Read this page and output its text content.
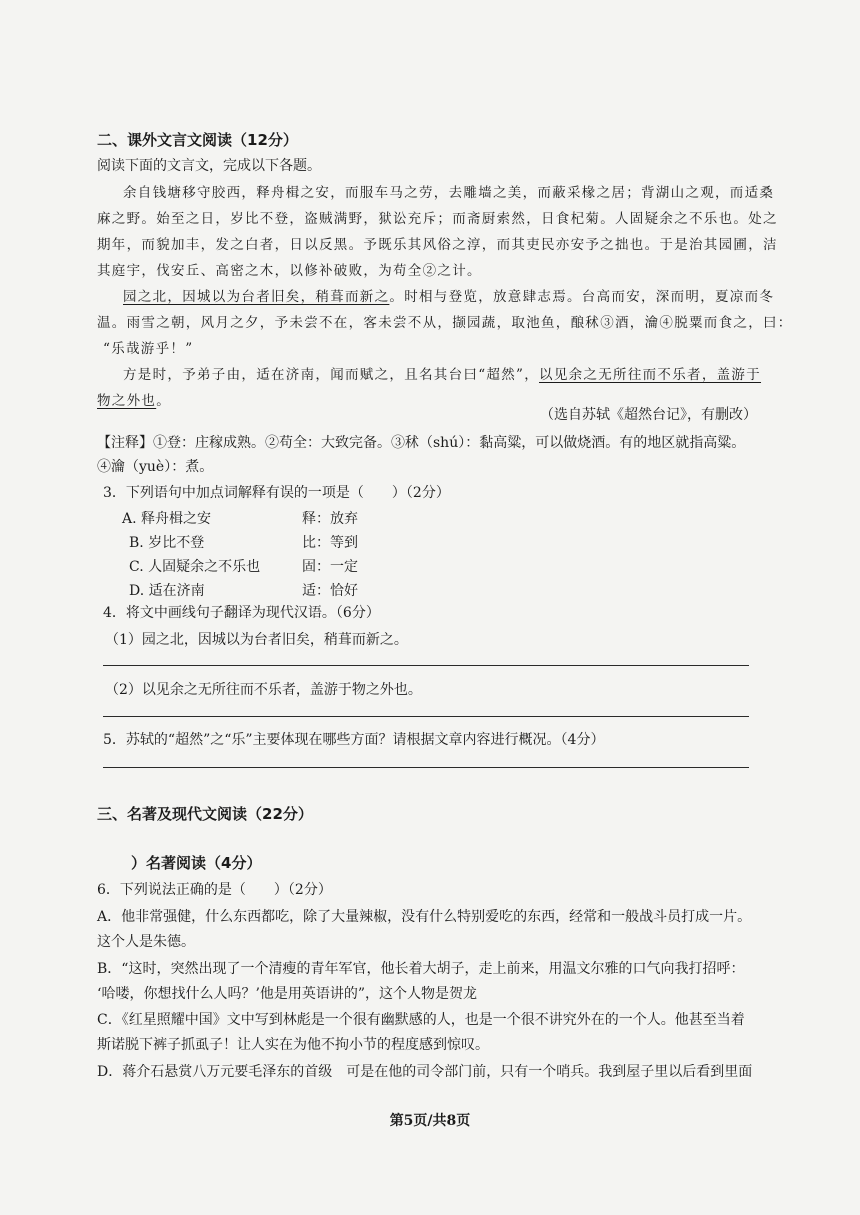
二、课外文言文阅读（12分）
阅读下面的文言文，完成以下各题。
余自钱塘移守胶西，释舟楫之安，而服车马之劳，去雕墙之美，而蔽采椽之居；背湖山之观，而适桑
麻之野。始至之日，岁比不登，盗贼满野，狱讼充斥；而斋厨索然，日食杞菊。人固疑余之不乐也。处之
期年，而貌加丰，发之白者，日以反黑。予既乐其风俗之淳，而其吏民亦安予之拙也。于是治其园圃，洁
其庭宇，伐安丘、高密之木，以修补破败，为苟全②之计。
园之北，因城以为台者旧矣，稍葺而新之。时相与登览，放意肆志焉。台高而安，深而明，夏凉而冬
温。雨雪之朝，风月之夕，予未尝不在，客未尝不从，撷园蔬，取池鱼，酿秫③酒，瀹④脱粟而食之，曰：
“乐哉游乎！”
方是时，予弟子由，适在济南，闻而赋之，且名其台曰“超然”，以见余之无所往而不乐者，盖游于
物之外也。
（选自苏轼《超然台记》，有删改）
【注释】①登：庄稼成熟。②苟全：大致完备。③秫（shú）：黏高粱，可以做烧酒。有的地区就指高粱。
④瀹（yuè）：煮。
3．下列语句中加点词解释有误的一项是（　　）（2分）
A. 释舟楫之安	释：放弃
B. 岁比不登	比：等到
C. 人固疑余之不乐也	固：一定
D. 适在济南	适：恰好
4．将文中画线句子翻译为现代汉语。（6分）
（1）园之北，因城以为台者旧矣，稍葺而新之。
（2）以见余之无所往而不乐者，盖游于物之外也。
5．苏轼的“超然”之“乐”主要体现在哪些方面？请根据文章内容进行概况。（4分）
三、名著及现代文阅读（22分）
）名著阅读（4分）
6．下列说法正确的是（　　）（2分）
A．他非常强健，什么东西都吃，除了大量辣椒，没有什么特别爱吃的东西，经常和一般战斗员打成一片。
这个人是朱德。
B．“这时，突然出现了一个清瘦的青年军官，他长着大胡子，走上前来，用温文尔雅的口气向我打招呼：
‘哈喽，你想找什么人吗？’他是用英语讲的”，这个人物是贺龙
C．《红星照耀中国》文中写到林彪是一个很有幽默感的人，也是一个很不讲究外在的一个人。他甚至当着
斯诺脱下裤子抓虱子！让人实在为他不拘小节的程度感到惊叹。
D．蒋介石悬赏八万元要毛泽东的首级　可是在他的司令部门前，只有一个哨兵。我到屋子里以后看到里面
第5页/共8页
